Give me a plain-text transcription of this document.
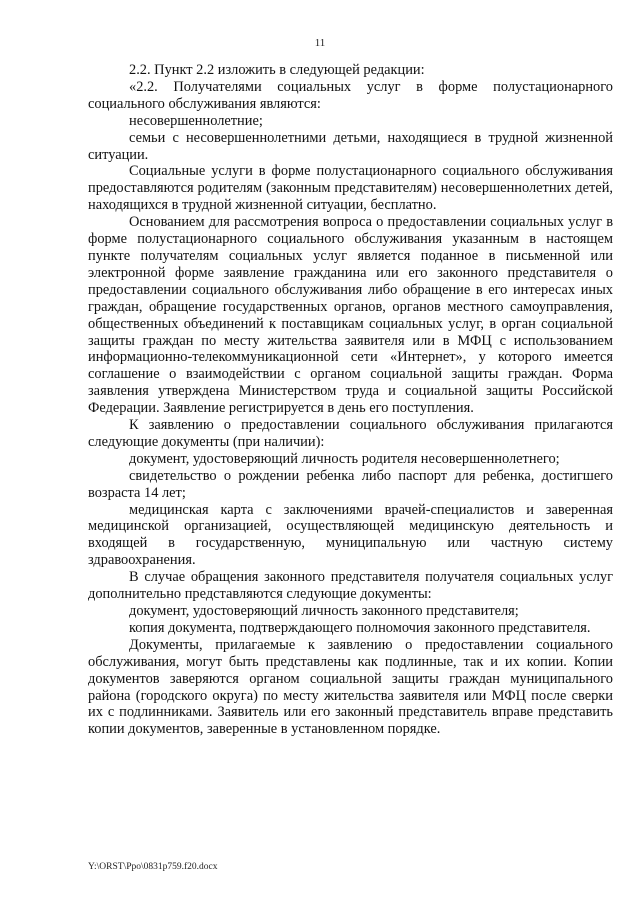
11

2.2. Пункт 2.2 изложить в следующей редакции:

«2.2. Получателями социальных услуг в форме полустационарного социального обслуживания являются:

несовершеннолетние;

семьи с несовершеннолетними детьми, находящиеся в трудной жизненной ситуации.

Социальные услуги в форме полустационарного социального обслуживания предоставляются родителям (законным представителям) несовершеннолетних детей, находящихся в трудной жизненной ситуации, бесплатно.

Основанием для рассмотрения вопроса о предоставлении социальных услуг в форме полустационарного социального обслуживания указанным в настоящем пункте получателям социальных услуг является поданное в письменной или электронной форме заявление гражданина или его законного представителя о предоставлении социального обслуживания либо обращение в его интересах иных граждан, обращение государственных органов, органов местного самоуправления, общественных объединений к поставщикам социальных услуг, в орган социальной защиты граждан по месту жительства заявителя или в МФЦ с использованием информационно-телекоммуникационной сети «Интернет», у которого имеется соглашение о взаимодействии с органом социальной защиты граждан. Форма заявления утверждена Министерством труда и социальной защиты Российской Федерации. Заявление регистрируется в день его поступления.

К заявлению о предоставлении социального обслуживания прилагаются следующие документы (при наличии):

документ, удостоверяющий личность родителя несовершеннолетнего;

свидетельство о рождении ребенка либо паспорт для ребенка, достигшего возраста 14 лет;

медицинская карта с заключениями врачей-специалистов и заверенная медицинской организацией, осуществляющей медицинскую деятельность и входящей в государственную, муниципальную или частную систему здравоохранения.

В случае обращения законного представителя получателя социальных услуг дополнительно представляются следующие документы:

документ, удостоверяющий личность законного представителя;

копия документа, подтверждающего полномочия законного представителя.

Документы, прилагаемые к заявлению о предоставлении социального обслуживания, могут быть представлены как подлинные, так и их копии. Копии документов заверяются органом социальной защиты граждан муниципального района (городского округа) по месту жительства заявителя или МФЦ после сверки их с подлинниками. Заявитель или его законный представитель вправе представить копии документов, заверенные в установленном порядке.

Y:\ORST\Ppo\0831p759.f20.docx
